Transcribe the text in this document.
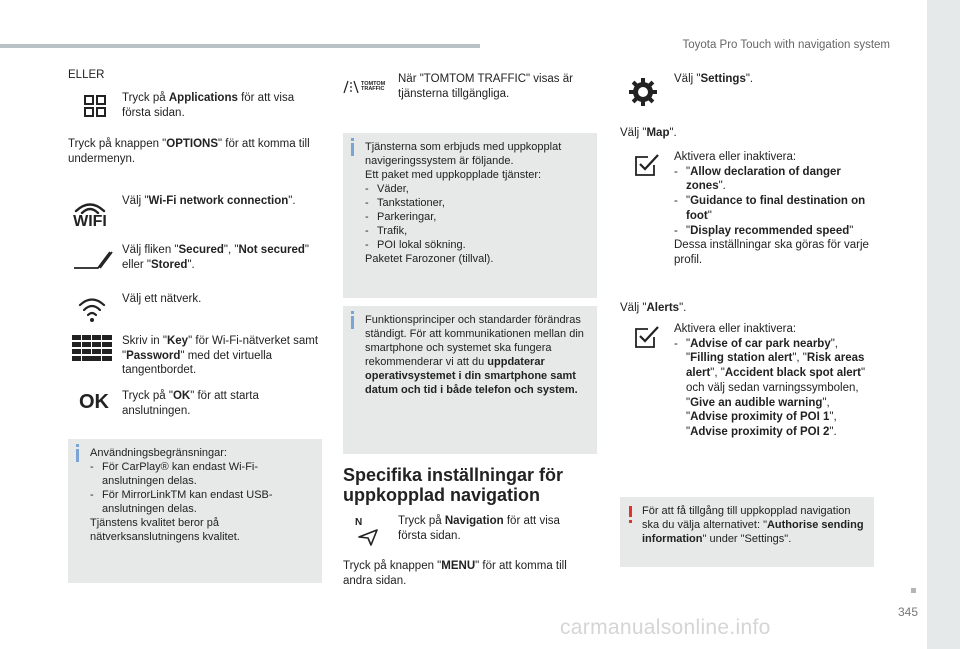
Toyota Pro Touch with navigation system
345
ELLER
Tryck på Applications för att visa första sidan.
Tryck på knappen "OPTIONS" för att komma till undermenyn.
WIFI
Välj "Wi-Fi network connection".
Välj fliken "Secured", "Not secured" eller "Stored".
Välj ett nätverk.
Skriv in "Key" för Wi-Fi-nätverket samt "Password" med det virtuella tangentbordet.
OK	Tryck på "OK" för att starta anslutningen.
Användningsbegränsningar:
- För CarPlay® kan endast Wi-Fi-anslutningen delas.
- För MirrorLinkTM kan endast USB-anslutningen delas.
Tjänstens kvalitet beror på nätverksanslutningens kvalitet.
TOMTOM TRAFFIC
När "TOMTOM TRAFFIC" visas är tjänsterna tillgängliga.
Tjänsterna som erbjuds med uppkopplat navigeringssystem är följande.
Ett paket med uppkopplade tjänster:
- Väder,
- Tankstationer,
- Parkeringar,
- Trafik,
- POI lokal sökning.
Paketet Farozoner (tillval).
Funktionsprinciper och standarder förändras ständigt. För att kommunikationen mellan din smartphone och systemet ska fungera rekommenderar vi att du uppdaterar operativsystemet i din smartphone samt datum och tid i både telefon och system.
Specifika inställningar för uppkopplad navigation
N	Tryck på Navigation för att visa första sidan.
Tryck på knappen "MENU" för att komma till andra sidan.
Välj "Settings".
Välj "Map".
Aktivera eller inaktivera:
- "Allow declaration of danger zones".
- "Guidance to final destination on foot"
- "Display recommended speed"
Dessa inställningar ska göras för varje profil.
Välj "Alerts".
Aktivera eller inaktivera:
- "Advise of car park nearby", "Filling station alert", "Risk areas alert", "Accident black spot alert" och välj sedan varningssymbolen, "Give an audible warning", "Advise proximity of POI 1", "Advise proximity of POI 2".
För att få tillgång till uppkopplad navigation ska du välja alternativet: "Authorise sending information" under "Settings".
carmanualsonline.info
